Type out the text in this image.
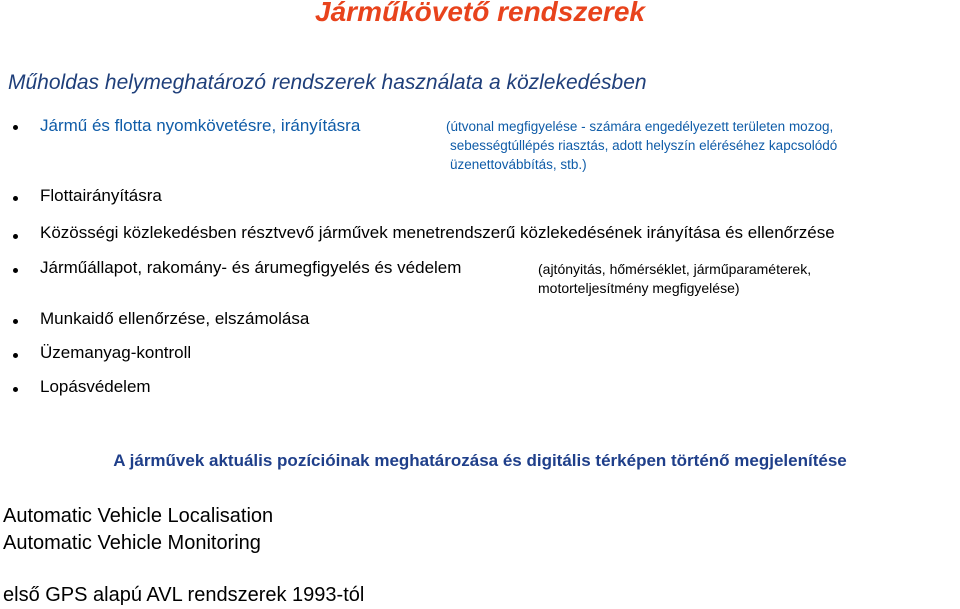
Járműkövető rendszerek
Műholdas helymeghatározó rendszerek használata a közlekedésben
Jármű és flotta nyomkövetésre, irányításra	(útvonal megfigyelése - számára engedélyezett területen mozog,
sebességtúllépés riasztás, adott helyszín eléréséhez kapcsolódó
üzenettovábbítás, stb.)
Flottairányításra
Közösségi közlekedésben résztvevő járművek menetrendszerű közlekedésének irányítása és ellenőrzése
Járműállapot, rakomány- és árumegfigyelés és védelem	(ajtónyitás, hőmérséklet, járműparaméterek,
motorteljesítmény megfigyelése)
Munkaidő ellenőrzése, elszámolása
Üzemanyag-kontroll
Lopásvédelem
A járművek aktuális pozícióinak meghatározása és digitális térképen történő megjelenítése
Automatic Vehicle Localisation
Automatic Vehicle Monitoring
első GPS alapú AVL rendszerek 1993-tól
